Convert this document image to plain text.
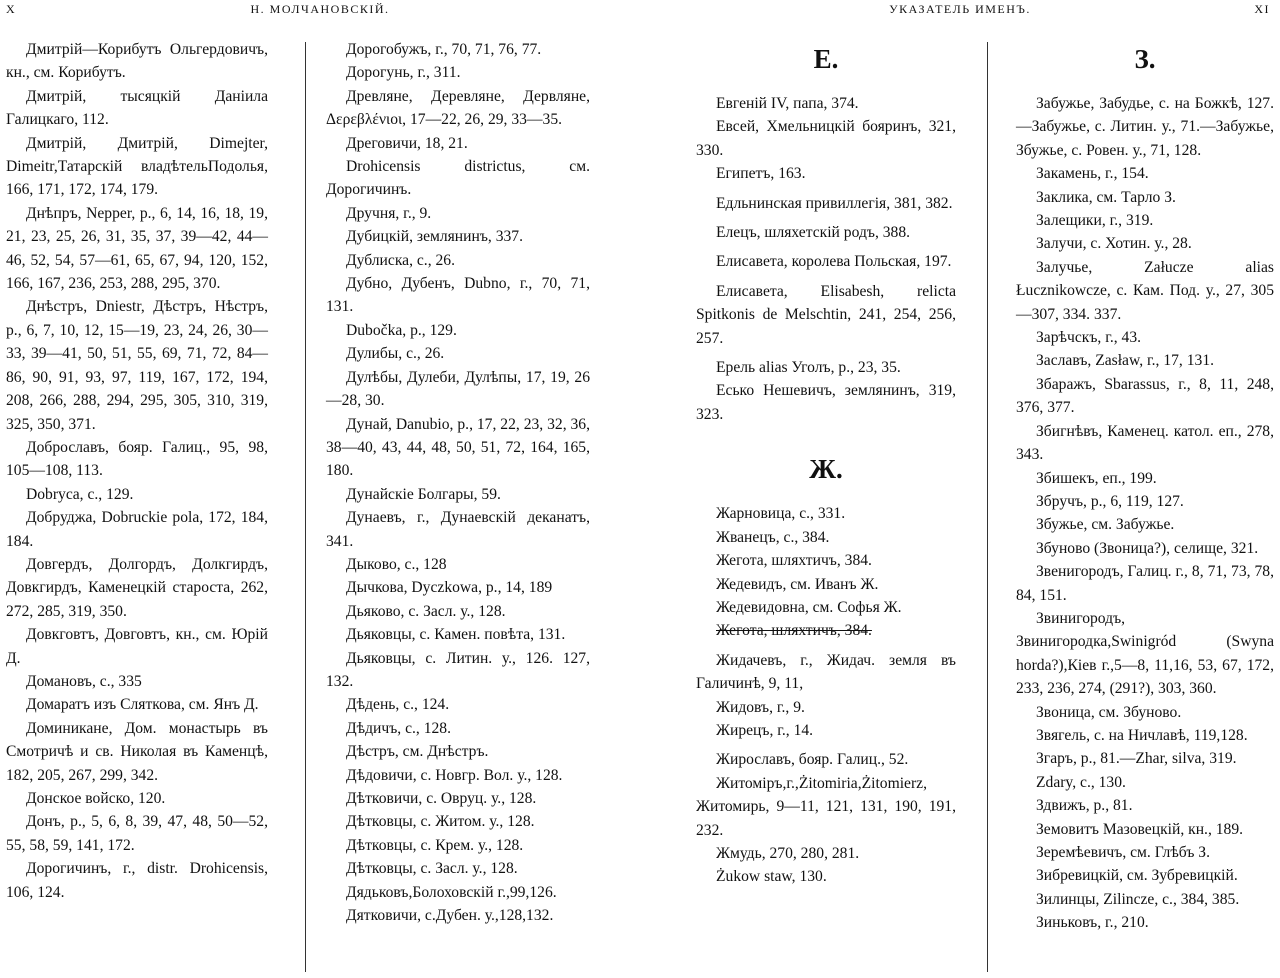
X	Н. МОЛЧАНОВСКІЙ.

Дмитрій—Корибутъ Ольгердовичъ, кн., см. Корибутъ.

Дмитрій, тысяцкій Даніила Галицкаго, 112.

Дмитрій, Дмитрій, Dimejter, Dimeitr,Татарскій владѣтельПодолья, 166, 171, 172, 174, 179.

Днѣпръ, Nepper, р., 6, 14, 16, 18, 19, 21, 23, 25, 26, 31, 35, 37, 39—42, 44—46, 52, 54, 57—61, 65, 67, 94, 120, 152, 166, 167, 236, 253, 288, 295, 370.

Днѣстръ, Dniestr, Дѣстръ, Нѣстръ, р., 6, 7, 10, 12, 15—19, 23, 24, 26, 30—33, 39—41, 50, 51, 55, 69, 71, 72, 84—86, 90, 91, 93, 97, 119, 167, 172, 194, 208, 266, 288, 294, 295, 305, 310, 319, 325, 350, 371.

Доброславъ, бояр. Галиц., 95, 98, 105—108, 113.

Dobryca, с., 129.

Добруджа, Dobruckie pola, 172, 184, 184.

Довгердъ, Долгордъ, Долкгирдъ, Довкгирдъ, Каменецкій староста, 262, 272, 285, 319, 350.

Довкговтъ, Довговтъ, кн., см. Юрій Д.

Домановъ, с., 335

Домаратъ изъ Сляткова, см. Янъ Д.

Доминикане, Дом. монастырь въ Смотричѣ и св. Николая въ Каменцѣ, 182, 205, 267, 299, 342.

Донское войско, 120.

Донъ, р., 5, 6, 8, 39, 47, 48, 50—52, 55, 58, 59, 141, 172.

Дорогичинъ, г., distr. Drohicensis, 106, 124.

Дорогобужъ, г., 70, 71, 76, 77.

Дорогунь, г., 311.

Древляне, Деревляне, Дервляне, Δερεβλένιοι, 17—22, 26, 29, 33—35.

Дреговичи, 18, 21.

Drohicensis districtus, см. Дорогичинъ.

Дручня, г., 9.

Дубицкій, землянинъ, 337.

Дублиска, с., 26.

Дубно, Дубенъ, Dubno, г., 70, 71, 131.

Dubočka, р., 129.

Дулибы, с., 26.

Дулѣбы, Дулеби, Дулѣпы, 17, 19, 26—28, 30.

Дунай, Danubio, р., 17, 22, 23, 32, 36, 38—40, 43, 44, 48, 50, 51, 72, 164, 165, 180.

Дунайскіе Болгары, 59.

Дунаевъ, г., Дунаевскій деканатъ, 341.

Дыково, с., 128

Дычкова, Dyczkowa, р., 14, 189

Дьяково, с. Засл. у., 128.

Дьяковцы, с. Камен. повѣта, 131.

Дьяковцы, с. Литин. у., 126. 127, 132.

Дѣдень, с., 124.

Дѣдичъ, с., 128.

Дѣстръ, см. Днѣстръ.

Дѣдовичи, с. Новгр. Вол. у., 128.

Дѣтковичи, с. Овруц. у., 128.

Дѣтковцы, с. Житом. у., 128.

Дѣтковцы, с. Крем. у., 128.

Дѣтковцы, с. Засл. у., 128.

Дядьковъ,Болоховскій г.,99,126.

Дятковичи, с.Дубен. у.,128,132.

УКАЗАТЕЛЬ ИМЕНЪ.	XI
Е.

Евгеній IV, папа, 374.

Евсей, Хмельницкій бояринъ, 321, 330.

Египетъ, 163.

Едльнинская привиллегія, 381, 382.

Елецъ, шляхетскій родъ, 388.

Елисавета, королева Польская, 197.

Елисавета, Elisabesh, relicta Spitkonis de Melschtin, 241, 254, 256, 257.

Ерель alias Уголъ, р., 23, 35.

Есько Нешевичъ, землянинъ, 319, 323.

Ж.

Жарновица, с., 331.

Жванецъ, с., 384.

Жегота, шляхтичъ, 384.

Жедевидъ, см. Иванъ Ж.

Жедевидовна, см. Софья Ж.

Жегота, шляхтичъ, 384.

Жидачевъ, г., Жидач. земля въ Галичинѣ, 9, 11,

Жидовъ, г., 9.

Жирецъ, г., 14.

Жирославъ, бояр. Галиц., 52.

Житоміръ,г.,Żitomiria,Żitomierz, Житомирь, 9—11, 121, 131, 190, 191, 232.

Жмудь, 270, 280, 281.

Żukow staw, 130.

З.

Забужье, Забудье, с. на Божкѣ, 127.—Забужье, с. Литин. у., 71.—Забужье, Збужье, с. Ровен. у., 71, 128.

Закамень, г., 154.

Заклика, см. Тарло З.

Залещики, г., 319.

Залучи, с. Хотин. у., 28.

Залучье, Załucze alias Łucznikowcze, с. Кам. Под. у., 27, 305—307, 334. 337.

Зарѣчскъ, г., 43.

Заславъ, Zasław, г., 17, 131.

Збаражъ, Sbarassus, г., 8, 11, 248, 376, 377.

Збигнѣвъ, Каменец. катол. еп., 278, 343.

Збишекъ, еп., 199.

Збручъ, р., 6, 119, 127.

Збужье, см. Забужье.

Збуново (Звоница?), селище, 321.

Звенигородъ, Галиц. г., 8, 71, 73, 78, 84, 151.

Звинигородъ, Звинигородка,Swinigród (Swyna horda?),Кiев г.,5—8, 11,16, 53, 67, 172, 233, 236, 274, (291?), 303, 360.

Звоница, см. Збуново.

Звягель, с. на Ничлавѣ, 119,128.

Згаръ, р., 81.—Zhar, silva, 319.

Zdary, с., 130.

Здвижъ, р., 81.

Земовитъ Мазовецкій, кн., 189.

Зеремѣевичъ, см. Глѣбъ З.

Зибревицкій, см. Зубревицкій.

Зилинцы, Zilincze, с., 384, 385.

Зиньковъ, г., 210.
